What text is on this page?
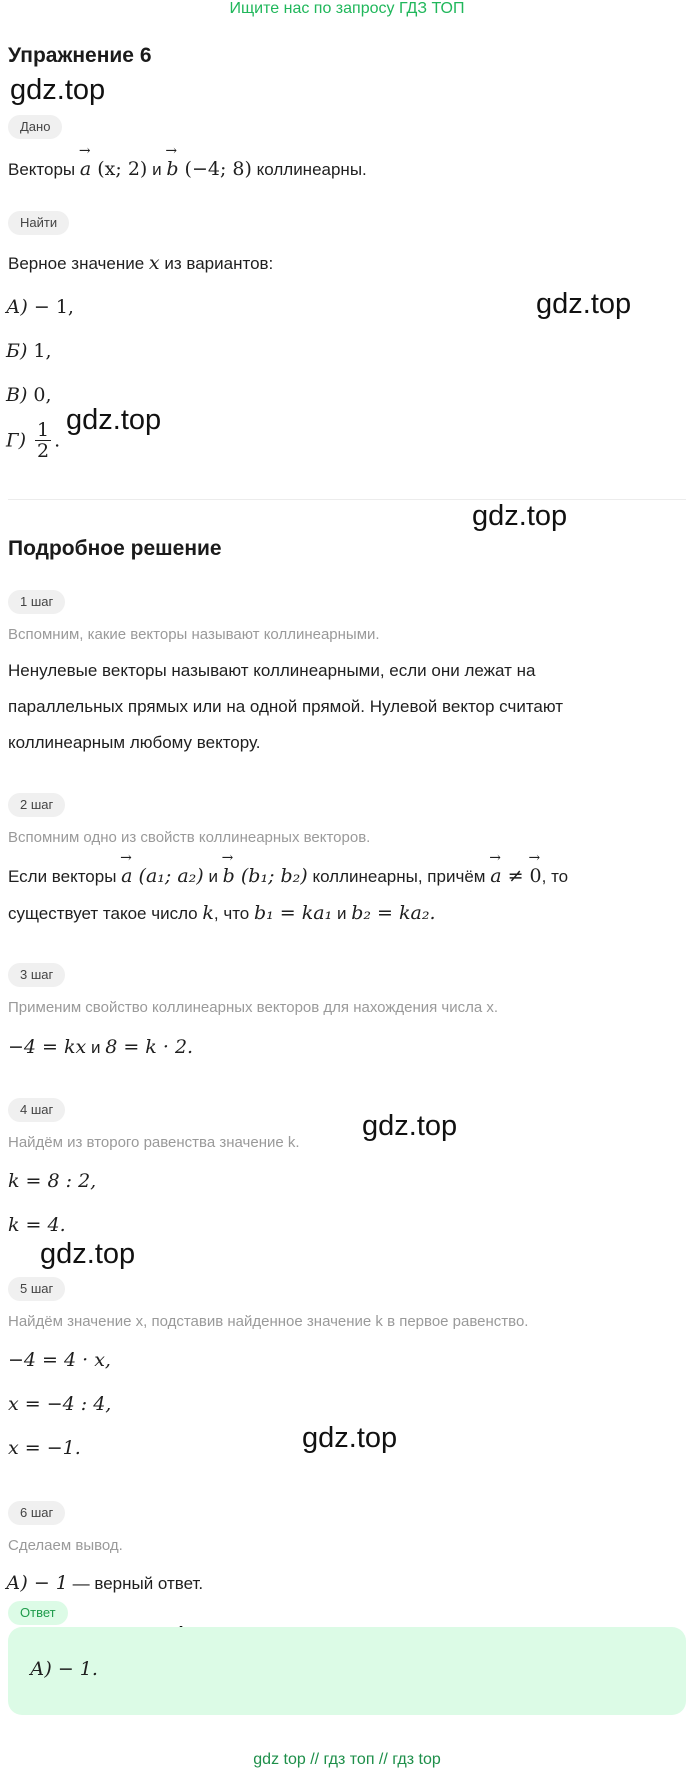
Ищите нас по запросу ГДЗ ТОП
Упражнение 6
gdz.top
gdz.top
gdz.top
gdz.top
gdz.top
gdz.top
gdz.top
Дано
Векторы
→
a (x; 2) и
→
b (−4; 8) коллинеарны.
Найти
Верное значение x из вариантов:
А) − 1,
Б) 1,
В) 0,
$Г) \frac{1}{2}$ .
Подробное решение
1 шаг
Вспомним, какие векторы называют коллинеарными.
Ненулевые векторы называют коллинеарными, если они лежат на
параллельных прямых или на одной прямой. Нулевой вектор считают
коллинеарным любому вектору.
2 шаг
Вспомним одно из свойств коллинеарных векторов.
Если векторы
→
a (a₁; a₂) и
→
b (b₁; b₂) коллинеарны, причём
→
a ≠
→
0, то
существует такое число k, что b₁ = ka₁ и b₂ = ka₂.
3 шаг
Применим свойство коллинеарных векторов для нахождения числа x.
−4 = kx и 8 = k · 2.
4 шаг
Найдём из второго равенства значение k.
k = 8 : 2,
k = 4.
5 шаг
Найдём значение x, подставив найденное значение k в первое равенство.
−4 = 4 · x,
x = −4 : 4,
x = −1.
6 шаг
Сделаем вывод.
А) − 1 — верный ответ.
Ответ
А) − 1.
gdz top // гдз топ // гдз top
